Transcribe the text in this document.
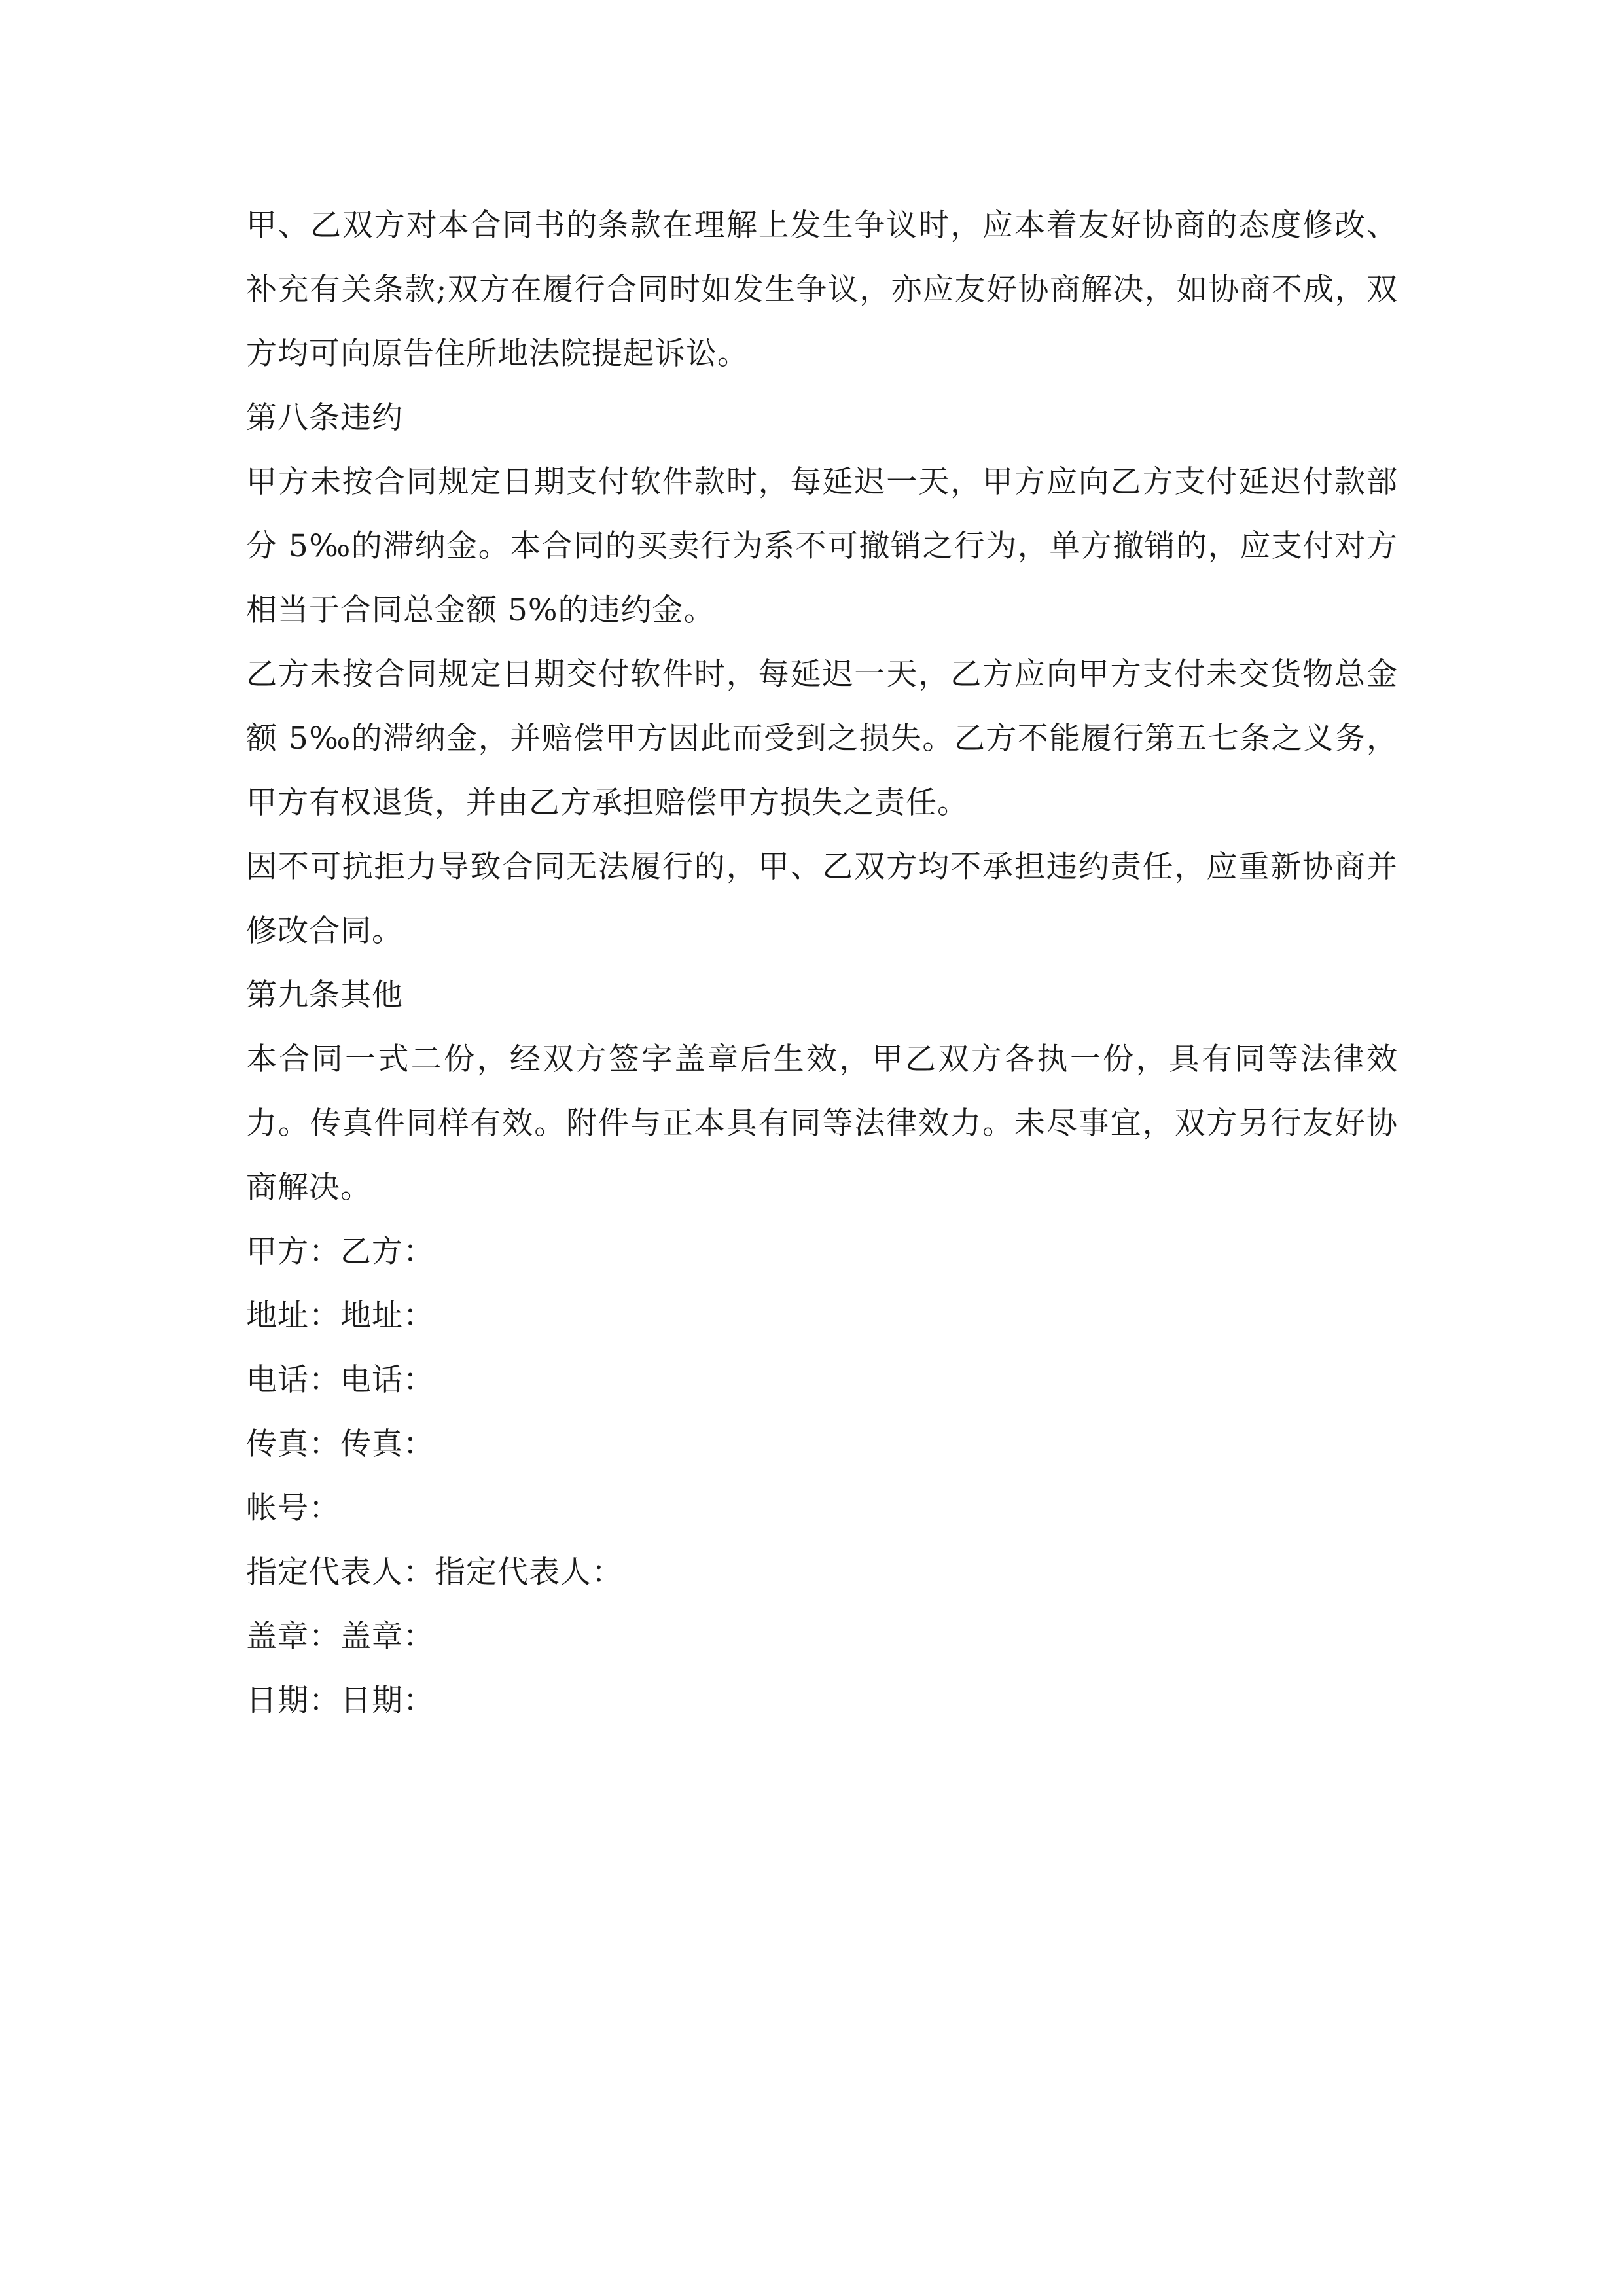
甲、乙双方对本合同书的条款在理解上发生争议时，应本着友好协商的态度修改、补充有关条款;双方在履行合同时如发生争议，亦应友好协商解决，如协商不成，双方均可向原告住所地法院提起诉讼。

第八条违约

甲方未按合同规定日期支付软件款时，每延迟一天，甲方应向乙方支付延迟付款部分 5‰的滞纳金。本合同的买卖行为系不可撤销之行为，单方撤销的，应支付对方相当于合同总金额 5%的违约金。

乙方未按合同规定日期交付软件时，每延迟一天，乙方应向甲方支付未交货物总金额 5‰的滞纳金，并赔偿甲方因此而受到之损失。乙方不能履行第五七条之义务，甲方有权退货，并由乙方承担赔偿甲方损失之责任。

因不可抗拒力导致合同无法履行的，甲、乙双方均不承担违约责任，应重新协商并修改合同。

第九条其他

本合同一式二份，经双方签字盖章后生效，甲乙双方各执一份，具有同等法律效力。传真件同样有效。附件与正本具有同等法律效力。未尽事宜，双方另行友好协商解决。

甲方：乙方：

地址：地址：

电话：电话：

传真：传真：

帐号：

指定代表人：指定代表人：

盖章：盖章：

日期：日期：
